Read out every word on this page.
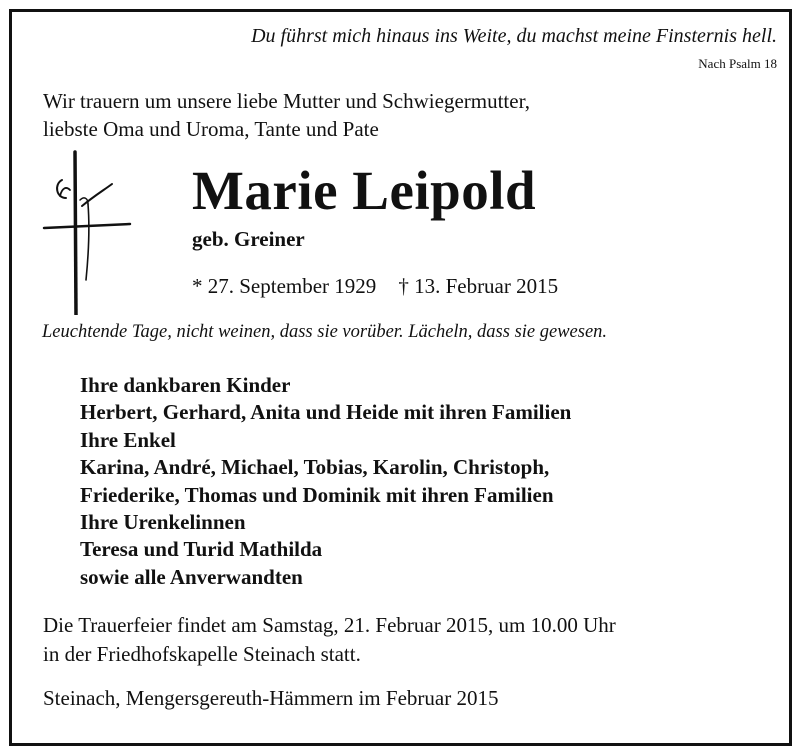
Du führst mich hinaus ins Weite, du machst meine Finsternis hell.
Nach Psalm 18
Wir trauern um unsere liebe Mutter und Schwiegermutter,
liebste Oma und Uroma, Tante und Pate
Marie Leipold
geb. Greiner
* 27. September 1929 † 13. Februar 2015
Leuchtende Tage, nicht weinen, dass sie vorüber. Lächeln, dass sie gewesen.
Ihre dankbaren Kinder
Herbert, Gerhard, Anita und Heide mit ihren Familien
Ihre Enkel
Karina, André, Michael, Tobias, Karolin, Christoph,
Friederike, Thomas und Dominik mit ihren Familien
Ihre Urenkelinnen
Teresa und Turid Mathilda
sowie alle Anverwandten
Die Trauerfeier findet am Samstag, 21. Februar 2015, um 10.00 Uhr
in der Friedhofskapelle Steinach statt.
Steinach, Mengersgereuth-Hämmern im Februar 2015
